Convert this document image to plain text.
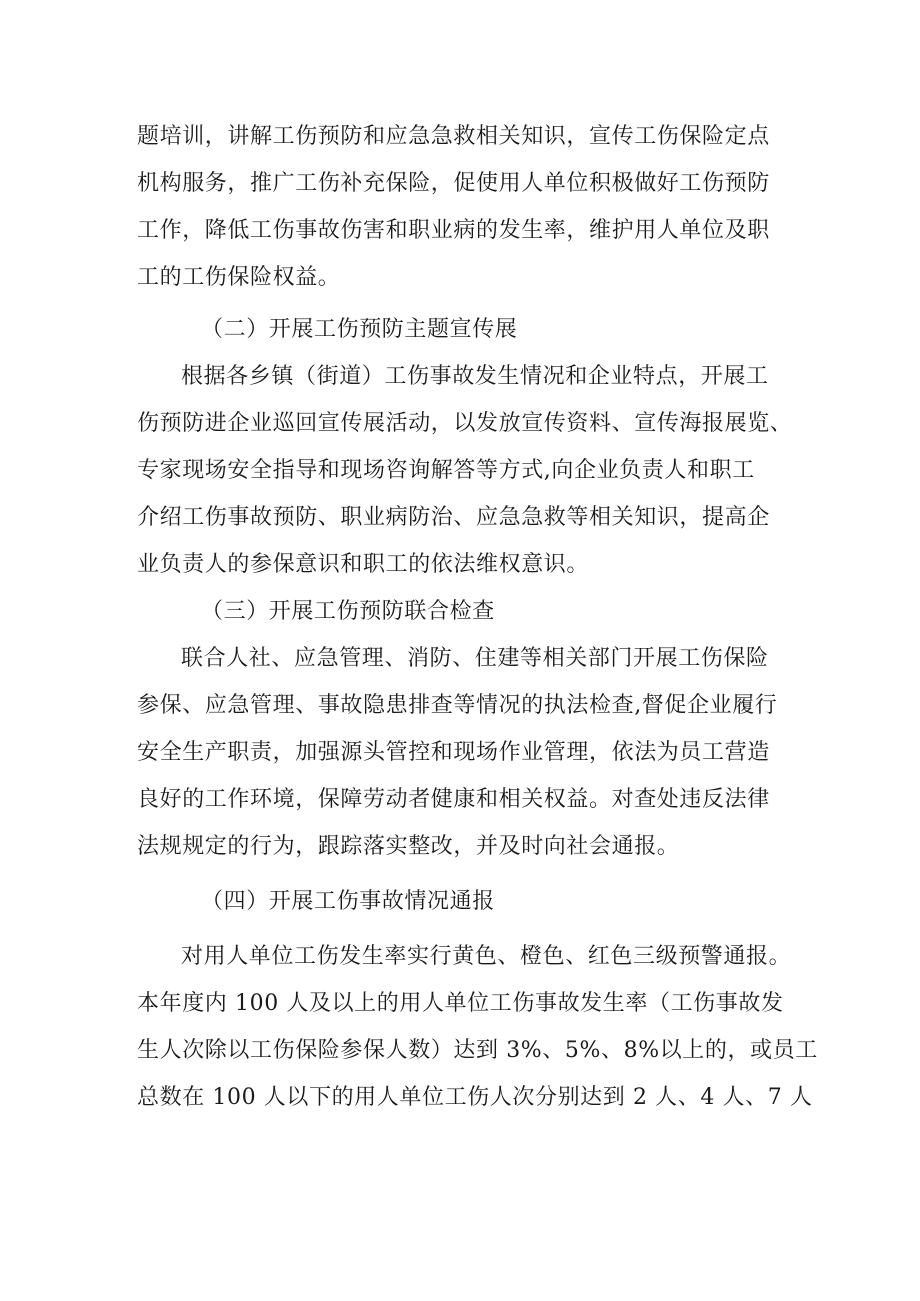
题培训，讲解工伤预防和应急急救相关知识，宣传工伤保险定点
机构服务，推广工伤补充保险，促使用人单位积极做好工伤预防
工作，降低工伤事故伤害和职业病的发生率，维护用人单位及职
工的工伤保险权益。
（二）开展工伤预防主题宣传展
根据各乡镇（街道）工伤事故发生情况和企业特点，开展工
伤预防进企业巡回宣传展活动，以发放宣传资料、宣传海报展览、
专家现场安全指导和现场咨询解答等方式,向企业负责人和职工
介绍工伤事故预防、职业病防治、应急急救等相关知识，提高企
业负责人的参保意识和职工的依法维权意识。
（三）开展工伤预防联合检查
联合人社、应急管理、消防、住建等相关部门开展工伤保险
参保、应急管理、事故隐患排查等情况的执法检查,督促企业履行
安全生产职责，加强源头管控和现场作业管理，依法为员工营造
良好的工作环境，保障劳动者健康和相关权益。对查处违反法律
法规规定的行为，跟踪落实整改，并及时向社会通报。
（四）开展工伤事故情况通报
对用人单位工伤发生率实行黄色、橙色、红色三级预警通报。
本年度内 100 人及以上的用人单位工伤事故发生率（工伤事故发
生人次除以工伤保险参保人数）达到 3%、5%、8%以上的，或员工
总数在 100 人以下的用人单位工伤人次分别达到 2 人、4 人、7 人
